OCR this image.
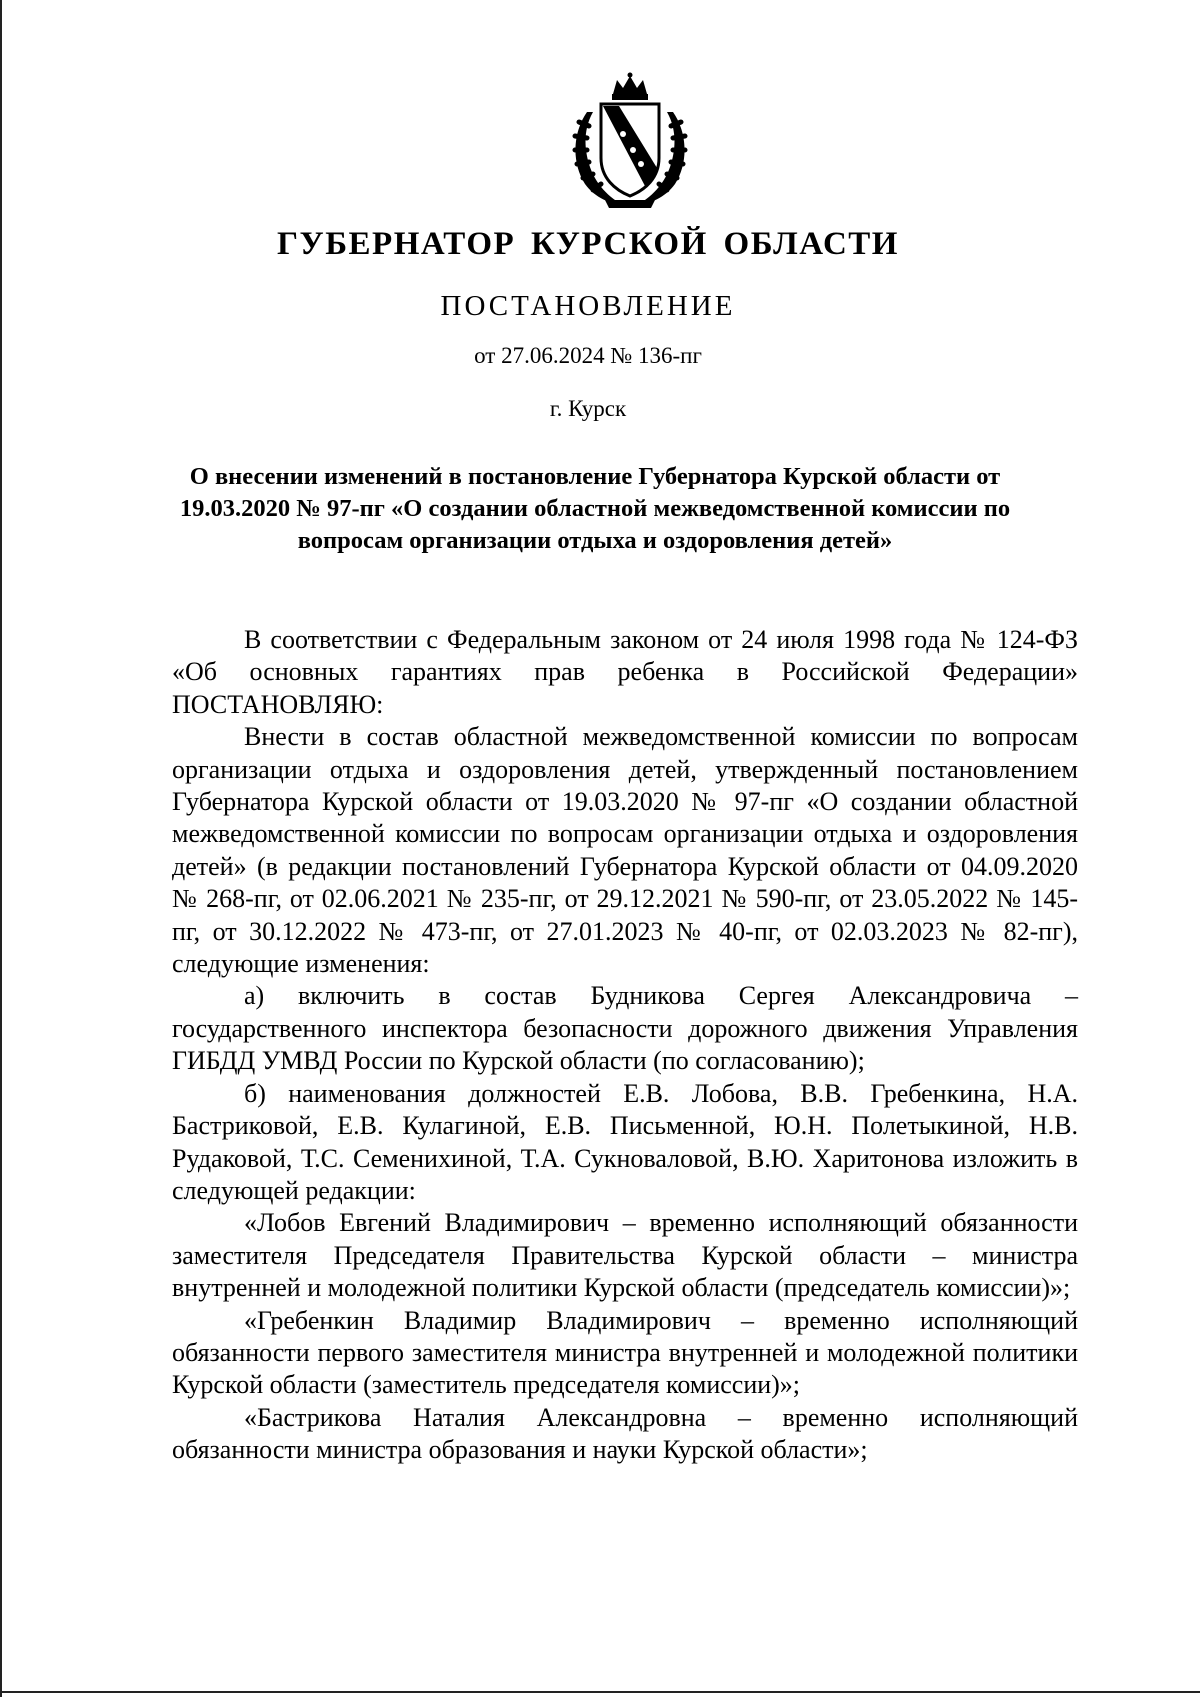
ГУБЕРНАТОР КУРСКОЙ ОБЛАСТИ
ПОСТАНОВЛЕНИЕ
от 27.06.2024 № 136-пг
г. Курск
О внесении изменений в постановление Губернатора Курской области от 19.03.2020 № 97-пг «О создании областной межведомственной комиссии по вопросам организации отдыха и оздоровления детей»

В соответствии с Федеральным законом от 24 июля 1998 года № 124-ФЗ «Об основных гарантиях прав ребенка в Российской Федерации» ПОСТАНОВЛЯЮ:

Внести в состав областной межведомственной комиссии по вопросам организации отдыха и оздоровления детей, утвержденный постановлением Губернатора Курской области от 19.03.2020 № 97-пг «О создании областной межведомственной комиссии по вопросам организации отдыха и оздоровления детей» (в редакции постановлений Губернатора Курской области от 04.09.2020 № 268-пг, от 02.06.2021 № 235-пг, от 29.12.2021 № 590-пг, от 23.05.2022 № 145-пг, от 30.12.2022 № 473-пг, от 27.01.2023 № 40-пг, от 02.03.2023 № 82-пг), следующие изменения:

а) включить в состав Будникова Сергея Александровича – государственного инспектора безопасности дорожного движения Управления ГИБДД УМВД России по Курской области (по согласованию);

б) наименования должностей Е.В. Лобова, В.В. Гребенкина, Н.А. Бастриковой, Е.В. Кулагиной, Е.В. Письменной, Ю.Н. Полетыкиной, Н.В. Рудаковой, Т.С. Семенихиной, Т.А. Сукноваловой, В.Ю. Харитонова изложить в следующей редакции:

«Лобов Евгений Владимирович – временно исполняющий обязанности заместителя Председателя Правительства Курской области – министра внутренней и молодежной политики Курской области (председатель комиссии)»;

«Гребенкин Владимир Владимирович – временно исполняющий обязанности первого заместителя министра внутренней и молодежной политики Курской области (заместитель председателя комиссии)»;

«Бастрикова Наталия Александровна – временно исполняющий обязанности министра образования и науки Курской области»;
